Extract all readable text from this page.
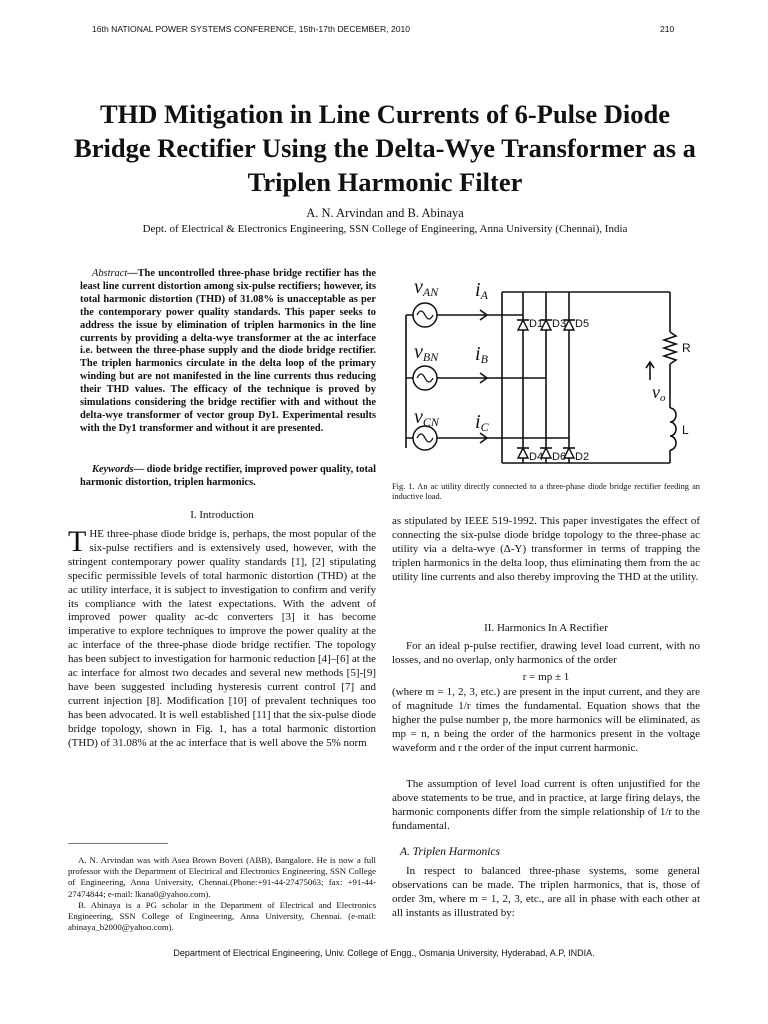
16th NATIONAL POWER SYSTEMS CONFERENCE, 15th-17th DECEMBER, 2010	210
THD Mitigation in Line Currents of 6-Pulse Diode Bridge Rectifier Using the Delta-Wye Transformer as a Triplen Harmonic Filter
A. N. Arvindan and B. Abinaya
Dept. of Electrical & Electronics Engineering, SSN College of Engineering, Anna University (Chennai), India

Abstract—The uncontrolled three-phase bridge rectifier has the least line current distortion among six-pulse rectifiers; however, its total harmonic distortion (THD) of 31.08% is unacceptable as per the contemporary power quality standards. This paper seeks to address the issue by elimination of triplen harmonics in the line currents by providing a delta-wye transformer at the ac interface i.e. between the three-phase supply and the diode bridge rectifier. The triplen harmonics circulate in the delta loop of the primary winding but are not manifested in the line currents thus reducing their THD values. The efficacy of the technique is proved by simulations considering the bridge rectifier with and without the delta-wye transformer of vector group Dy1. Experimental results with the Dy1 transformer and without it are presented.

Keywords— diode bridge rectifier, improved power quality, total harmonic distortion, triplen harmonics.

I. Introduction

THE three-phase diode bridge is, perhaps, the most popular of the six-pulse rectifiers and is extensively used, however, with the stringent contemporary power quality standards [1], [2] stipulating specific permissible levels of total harmonic distortion (THD) at the ac utility interface, it is subject to investigation to confirm and verify its compliance with the latest expectations. With the advent of improved power quality ac-dc converters [3] it has become imperative to explore techniques to improve the power quality at the ac interface of the three-phase diode bridge rectifier. The topology has been subject to investigation for harmonic reduction [4]–[6] at the ac interface for almost two decades and several new methods [5]-[9] have been suggested including hysteresis current control [7] and current injection [8]. Modification [10] of prevalent techniques too has been advocated. It is well established [11] that the six-pulse diode bridge topology, shown in Fig. 1, has a total harmonic distortion (THD) of 31.08% at the ac interface that is well above the 5% norm

A. N. Arvindan was with Asea Brown Boveri (ABB), Bangalore. He is now a full professor with the Department of Electrical and Electronics Engineering, SSN College of Engineering, Anna University, Chennai.(Phone:+91-44-27475063; fax: +91-44-27474844; e-mail: lkana0@yahoo.com).

B. Abinaya is a PG scholar in the Department of Electrical and Electronics Engineering, SSN College of Engineering, Anna University, Chennai. (e-mail: abinaya_b2000@yahoo.com).

vAN iA
vBN iB
vCN iC
vo
D1 D3 D5
D4 D6 D2
R
L
Fig. 1. An ac utility directly connected to a three-phase diode bridge rectifier feeding an inductive load.

as stipulated by IEEE 519-1992. This paper investigates the effect of connecting the six-pulse diode bridge topology to the three-phase ac utility via a delta-wye (Δ-Y) transformer in terms of trapping the triplen harmonics in the delta loop, thus eliminating them from the ac utility line currents and also thereby improving the THD at the utility.

II. Harmonics In A Rectifier

For an ideal p-pulse rectifier, drawing level load current, with no losses, and no overlap, only harmonics of the order

r = mp ± 1

(where m = 1, 2, 3, etc.) are present in the input current, and they are of magnitude 1/r times the fundamental. Equation shows that the higher the pulse number p, the more harmonics will be eliminated, as mp = n, n being the order of the harmonics present in the voltage waveform and r the order of the input current harmonic.

The assumption of level load current is often unjustified for the above statements to be true, and in practice, at large firing delays, the harmonic components differ from the simple relationship of 1/r to the fundamental.

A. Triplen Harmonics

In respect to balanced three-phase systems, some general observations can be made. The triplen harmonics, that is, those of order 3m, where m = 1, 2, 3, etc., are all in phase with each other at all instants as illustrated by:

Department of Electrical Engineering, Univ. College of Engg., Osmania University, Hyderabad, A.P, INDIA.
